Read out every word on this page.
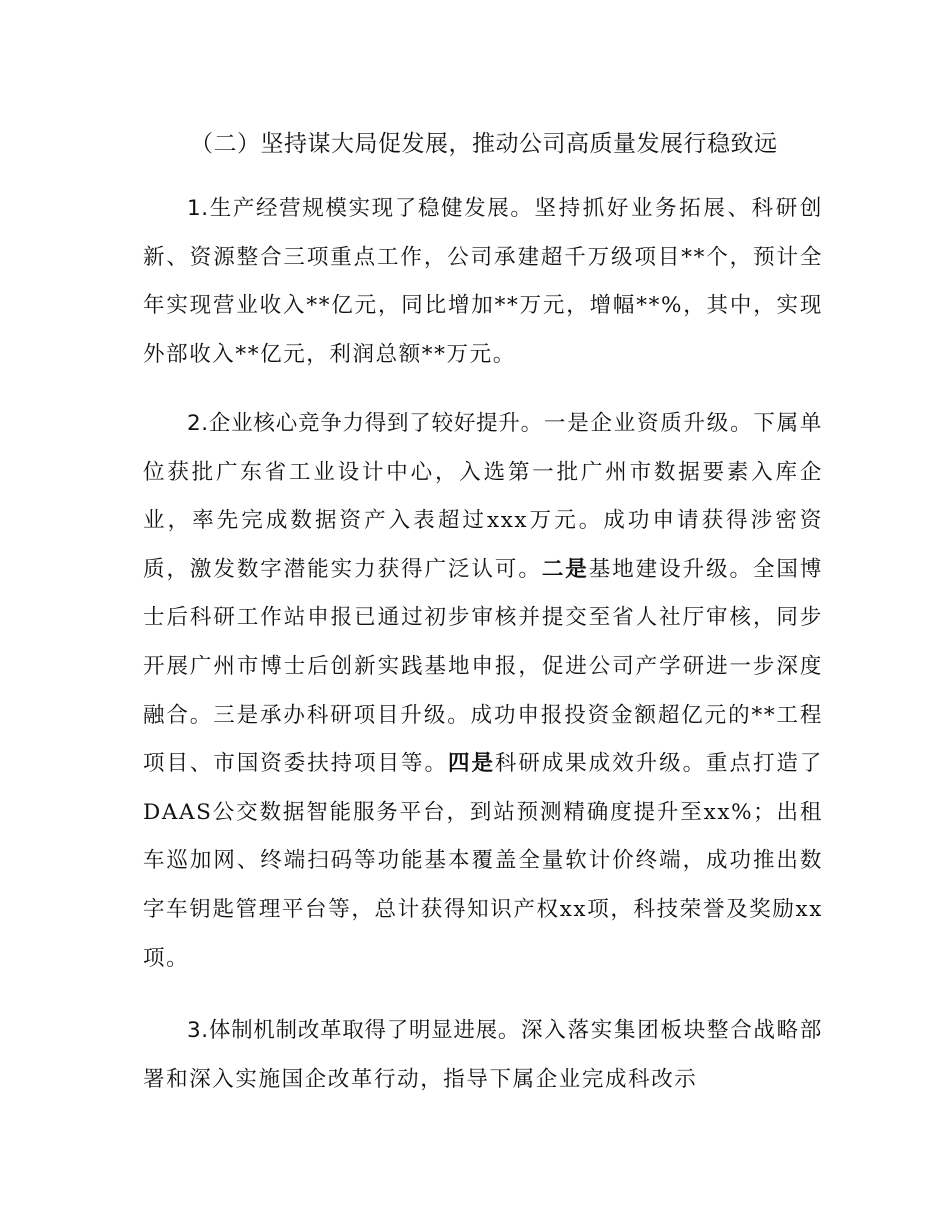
（二）坚持谋大局促发展，推动公司高质量发展行稳致远

1.生产经营规模实现了稳健发展。坚持抓好业务拓展、科研创新、资源整合三项重点工作，公司承建超千万级项目**个，预计全年实现营业收入**亿元，同比增加**万元，增幅**%，其中，实现外部收入**亿元，利润总额**万元。

2.企业核心竞争力得到了较好提升。一是企业资质升级。下属单位获批广东省工业设计中心，入选第一批广州市数据要素入库企业，率先完成数据资产入表超过xxx万元。成功申请获得涉密资质，激发数字潜能实力获得广泛认可。二是基地建设升级。全国博士后科研工作站申报已通过初步审核并提交至省人社厅审核，同步开展广州市博士后创新实践基地申报，促进公司产学研进一步深度融合。三是承办科研项目升级。成功申报投资金额超亿元的**工程项目、市国资委扶持项目等。四是科研成果成效升级。重点打造了DAAS公交数据智能服务平台，到站预测精确度提升至xx%；出租车巡加网、终端扫码等功能基本覆盖全量软计价终端，成功推出数字车钥匙管理平台等，总计获得知识产权xx项，科技荣誉及奖励xx项。

3.体制机制改革取得了明显进展。深入落实集团板块整合战略部署和深入实施国企改革行动，指导下属企业完成科改示
